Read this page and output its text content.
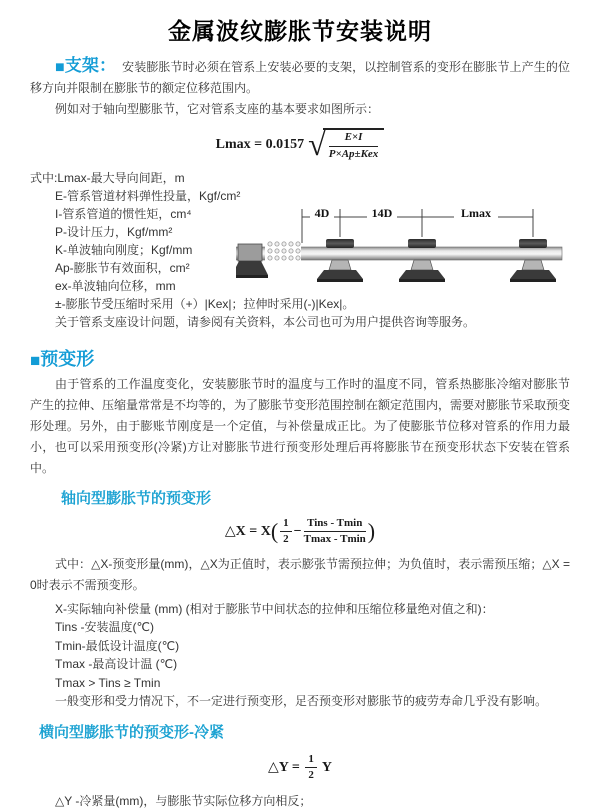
金属波纹膨胀节安装说明
■支架： 安装膨胀节时必须在管系上安装必要的支架，以控制管系的变形在膨胀节上产生的位移方向并限制在膨胀节的额定位移范围内。
例如对于轴向型膨胀节，它对管系支座的基本要求如图所示：
Lmax = 0.0157 √
$\frac{E\times I}{\text{P×Ap±Kex}}$
式中:Lmax-最大导向间距，m
E-管系管道材料弹性投量，Kgf/cm²
I-管系管道的惯性矩，cm⁴
P-设计压力，Kgf/mm²
K-单波轴向刚度；Kgf/mm
Ap-膨胀节有效面积，cm²
ex-单波轴向位移，mm
±-膨胀节受压缩时采用（+）|Kex|；拉伸时采用(-)|Kex|。
关于管系支座设计问题，请参阅有关资料，本公司也可为用户提供咨询等服务。
4D	14D	Lmax
■预变形
由于管系的工作温度变化，安装膨胀节时的温度与工作时的温度不同，管系热膨胀冷缩对膨胀节产生的拉伸、压缩量常常是不均等的，为了膨胀节变形范围控制在额定范围内，需要对膨胀节采取预变形处理。另外，由于膨账节刚度是一个定值，与补偿量成正比。为了使膨胀节位移对管系的作用力最小，也可以采用预变形(冷紧)方让对膨胀节进行预变形处理后再将膨胀节在预变形状态下安装在管系中。
轴向型膨胀节的预变形
△X = $X( \frac{1}{2} - \frac{\text{Tins - Tmin}}{Tmax - Tmin}$ )
式中：△X-预变形量(mm)，△X为正值时，表示膨张节需预拉伸；为负值时，表示需预压缩；△X = 0时表示不需预变形。
X-实际轴向补偿量 (mm) (相对于膨胀节中间状态的拉伸和压缩位移量绝对值之和)：
Tins -安装温度(℃)
Tmin-最低设计温度(℃)
Tmax -最高设计温 (℃)
Tmax > Tins ≥ Tmin
一般变形和受力情况下，不一定进行预变形，足否预变形对膨胀节的疲劳寿命几乎没有影响。
横向型膨胀节的预变形-冷紧
△Y = $\frac{1}{2}$ Y
△Y -冷紧量(mm)，与膨胀节实际位移方向相反；
